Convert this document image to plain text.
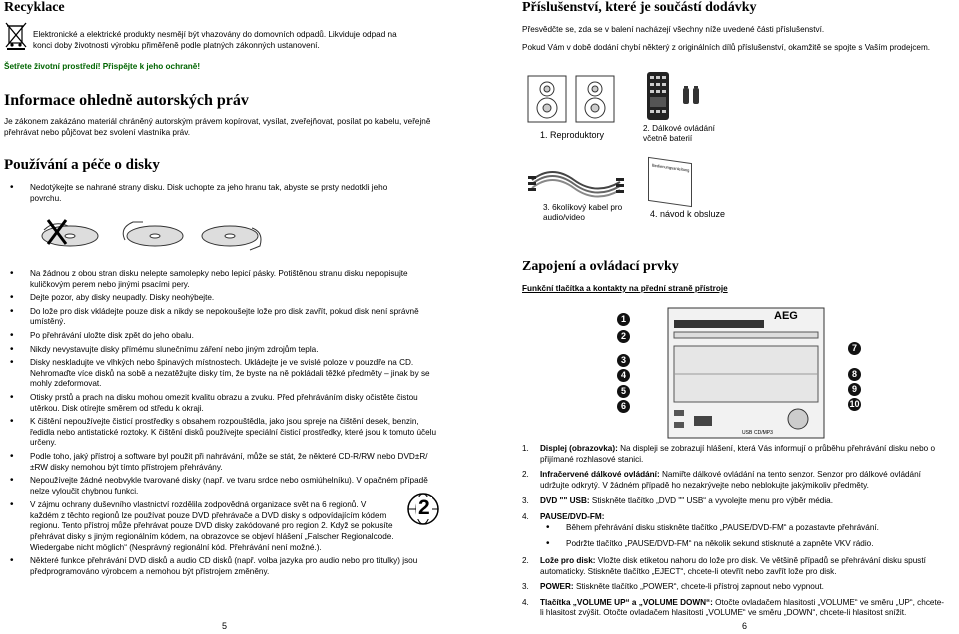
Recyklace
Elektronické a elektrické produkty nesmějí být vhazovány do domovních odpadů. Likviduje odpad na konci doby životnosti výrobku přiměřeně podle platných zákonných ustanovení.
Šetřete životní prostředí! Přispějte k jeho ochraně!
Informace ohledně autorských práv
Je zákonem zakázáno materiál chráněný autorským právem kopírovat, vysílat, zveřejňovat, posílat po kabelu, veřejně přehrávat nebo půjčovat bez svolení vlastníka práv.
Používání a péče o disky
• Nedotýkejte se nahrané strany disku. Disk uchopte za jeho hranu tak, abyste se prsty nedotkli jeho povrchu.
• Na žádnou z obou stran disku nelepte samolepky nebo lepicí pásky. Potištěnou stranu disku nepopisujte kuličkovým perem nebo jinými psacími pery.
• Dejte pozor, aby disky neupadly. Disky neohýbejte.
• Do lože pro disk vkládejte pouze disk a nikdy se nepokoušejte lože pro disk zavřít, pokud disk není správně umístěný.
• Po přehrávání uložte disk zpět do jeho obalu.
• Nikdy nevystavujte disky přímému slunečnímu záření nebo jiným zdrojům tepla.
• Disky neskladujte ve vlhkých nebo špinavých místnostech. Ukládejte je ve svislé poloze v pouzdře na CD. Nehromaďte více disků na sobě a nezatěžujte disky tím, že byste na ně pokládali těžké předměty – jinak by se mohly zdeformovat.
• Otisky prstů a prach na disku mohou omezit kvalitu obrazu a zvuku. Před přehráváním disky očistěte čistou utěrkou. Disk otírejte směrem od středu k okraji.
• K čištění nepoužívejte čisticí prostředky s obsahem rozpouštědla, jako jsou spreje na čištění desek, benzin, ředidla nebo antistatické roztoky. K čištění disků používejte speciální čisticí prostředky, které jsou k tomuto účelu určeny.
• Podle toho, jaký přístroj a software byl použit při nahrávání, může se stát, že některé CD-R/RW nebo DVD±R/±RW disky nemohou být tímto přístrojem přehrávány.
• Nepoužívejte žádné neobvykle tvarované disky (např. ve tvaru srdce nebo osmiúhelníku). V opačném případě nelze vyloučit chybnou funkci.
• V zájmu ochrany duševního vlastnictví rozdělila zodpovědná organizace svět na 6 regionů. V každém z těchto regionů lze používat pouze DVD přehrávače a DVD disky s odpovídajícím kódem regionu. Tento přístroj může přehrávat pouze DVD disky zakódované pro region 2. Když se pokusíte přehrávat disky s jiným regionálním kódem, na obrazovce se objeví hlášení „Falscher Regionalcode. Wiedergabe nicht möglich“ (Nesprávný regionální kód. Přehrávání není možné.).
• Některé funkce přehrávání DVD disků a audio CD disků (např. volba jazyka pro audio nebo pro titulky) jsou předprogramováno výrobcem a nemohou být přístrojem změněny.
2
5
Příslušenství, které je součástí dodávky
Přesvědčte se, zda se v balení nacházejí všechny níže uvedené části příslušenství.
Pokud Vám v době dodání chybí některý z originálních dílů příslušenství, okamžitě se spojte s Vaším prodejcem.
1. Reproduktory
2. Dálkové ovládání včetně baterií
3. 6kolíkový kabel pro audio/video
Bedienungsanleitung
4. návod k obsluze
Zapojení a ovládací prvky
Funkční tlačítka a kontakty na přední straně přístroje
AEG
USB CD/MP3
1
2
3
4
5
6
7
8
9
10
1. Displej (obrazovka): Na displeji se zobrazují hlášení, která Vás informují o průběhu přehrávání disku nebo o přijímané rozhlasové stanici.
2. Infračervené dálkové ovládání: Namiřte dálkové ovládání na tento senzor. Senzor pro dálkové ovládání udržujte odkrytý. V žádném případě ho nezakrývejte nebo neblokujte jakýmikoliv předměty.
3. DVD "" USB: Stiskněte tlačítko „DVD "" USB“ a vyvolejte menu pro výběr média.
4. PAUSE/DVD-FM:
• Během přehrávání disku stiskněte tlačítko „PAUSE/DVD-FM“ a pozastavte přehrávání.
• Podržte tlačítko „PAUSE/DVD-FM“ na několik sekund stisknuté a zapněte VKV rádio.
2. Lože pro disk: Vložte disk etiketou nahoru do lože pro disk. Ve většině případů se přehrávání disku spustí automaticky. Stiskněte tlačítko „EJECT“, chcete-li otevřít nebo zavřít lože pro disk.
3. POWER: Stiskněte tlačítko „POWER“, chcete-li přístroj zapnout nebo vypnout.
4. Tlačítka „VOLUME UP“ a „VOLUME DOWN“: Otočte ovladačem hlasitosti „VOLUME“ ve směru „UP“, chcete-li hlasitost zvýšit. Otočte ovladačem hlasitosti „VOLUME“ ve směru „DOWN“, chcete-li hlasitost snížit.
6
